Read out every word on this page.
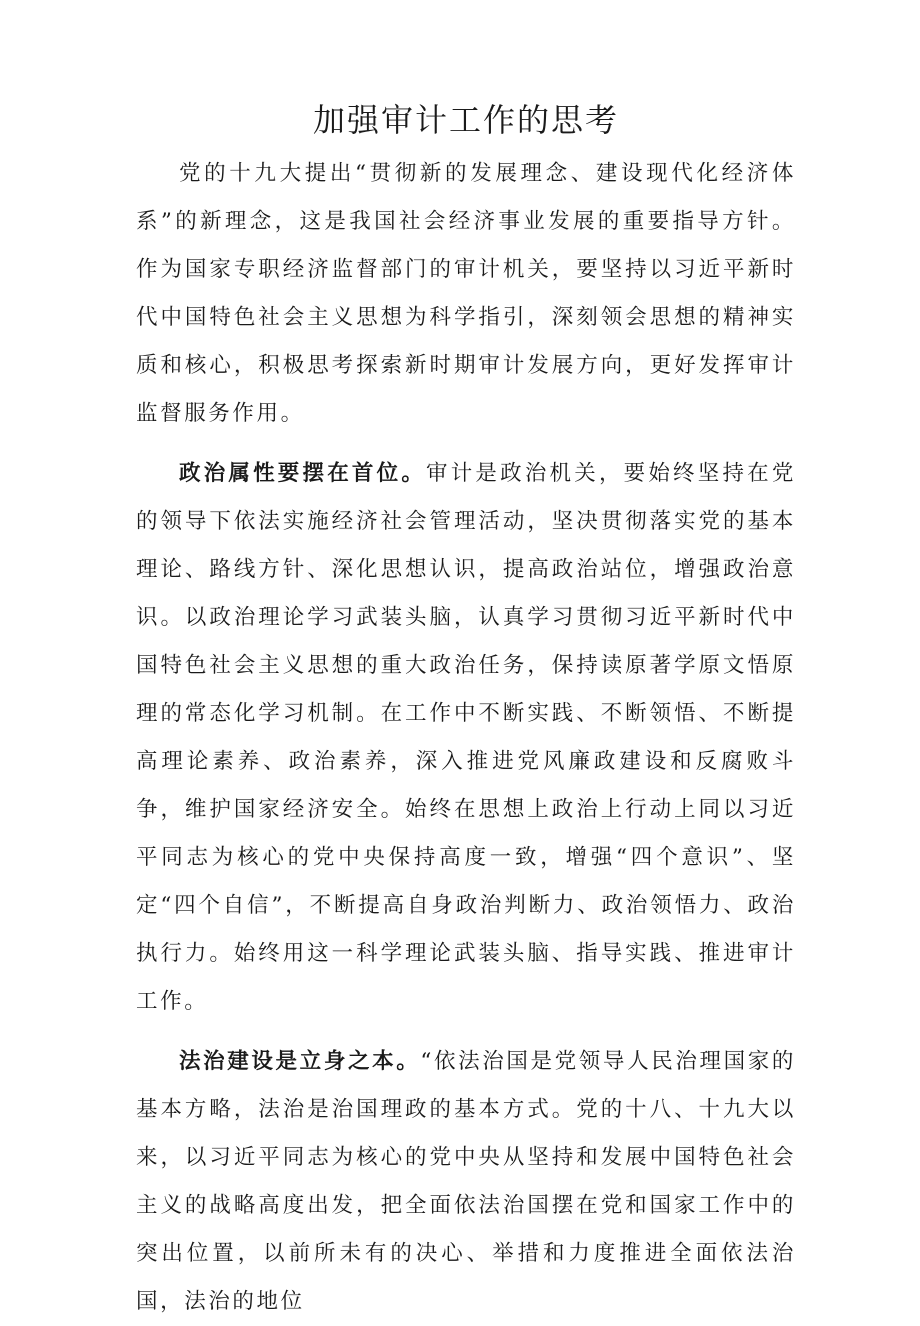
加强审计工作的思考

党的十九大提出“贯彻新的发展理念、建设现代化经济体系”的新理念，这是我国社会经济事业发展的重要指导方针。作为国家专职经济监督部门的审计机关，要坚持以习近平新时代中国特色社会主义思想为科学指引，深刻领会思想的精神实质和核心，积极思考探索新时期审计发展方向，更好发挥审计监督服务作用。

政治属性要摆在首位。审计是政治机关，要始终坚持在党的领导下依法实施经济社会管理活动，坚决贯彻落实党的基本理论、路线方针、深化思想认识，提高政治站位，增强政治意识。以政治理论学习武装头脑，认真学习贯彻习近平新时代中国特色社会主义思想的重大政治任务，保持读原著学原文悟原理的常态化学习机制。在工作中不断实践、不断领悟、不断提高理论素养、政治素养，深入推进党风廉政建设和反腐败斗争，维护国家经济安全。始终在思想上政治上行动上同以习近平同志为核心的党中央保持高度一致，增强“四个意识”、坚定“四个自信”，不断提高自身政治判断力、政治领悟力、政治执行力。始终用这一科学理论武装头脑、指导实践、推进审计工作。

法治建设是立身之本。“依法治国是党领导人民治理国家的基本方略，法治是治国理政的基本方式。党的十八、十九大以来，以习近平同志为核心的党中央从坚持和发展中国特色社会主义的战略高度出发，把全面依法治国摆在党和国家工作中的突出位置，以前所未有的决心、举措和力度推进全面依法治国，法治的地位
